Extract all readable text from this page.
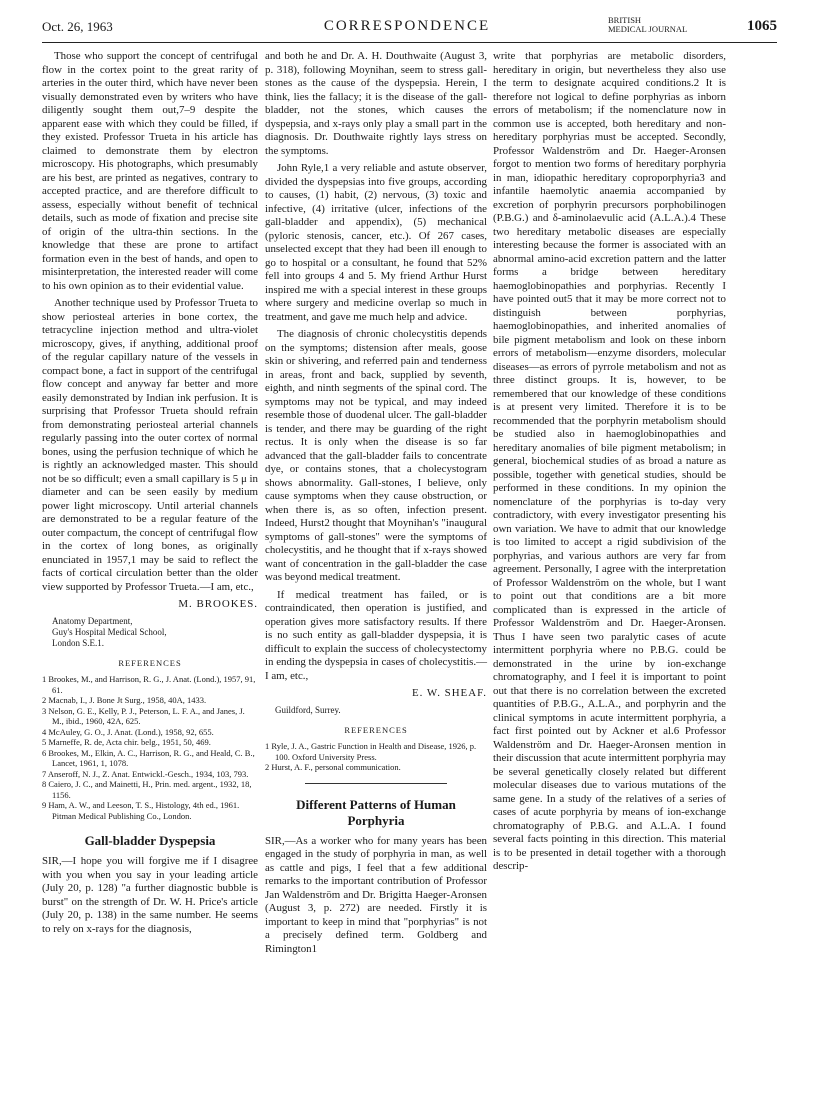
Oct. 26, 1963	CORRESPONDENCE	BRITISH
MEDICAL JOURNAL	1065

Those who support the concept of centrifugal flow in the cortex point to the great rarity of arteries in the outer third, which have never been visually demonstrated even by writers who have diligently sought them out,7–9 despite the apparent ease with which they could be filled, if they existed. Professor Trueta in his article has claimed to demonstrate them by electron microscopy. His photographs, which presumably are his best, are printed as negatives, contrary to accepted practice, and are therefore difficult to assess, especially without benefit of technical details, such as mode of fixation and precise site of origin of the ultra-thin sections. In the knowledge that these are prone to artifact formation even in the best of hands, and open to misinterpretation, the interested reader will come to his own opinion as to their evidential value.

Another technique used by Professor Trueta to show periosteal arteries in bone cortex, the tetracycline injection method and ultra-violet microscopy, gives, if anything, additional proof of the regular capillary nature of the vessels in compact bone, a fact in support of the centrifugal flow concept and anyway far better and more easily demonstrated by Indian ink perfusion. It is surprising that Professor Trueta should refrain from demonstrating periosteal arterial channels regularly passing into the outer cortex of normal bones, using the perfusion technique of which he is rightly an acknowledged master. This should not be so difficult; even a small capillary is 5 μ in diameter and can be seen easily by medium power light microscopy. Until arterial channels are demonstrated to be a regular feature of the outer compactum, the concept of centrifugal flow in the cortex of long bones, as originally enunciated in 1957,1 may be said to reflect the facts of cortical circulation better than the older view supported by Professor Trueta.—I am, etc.,

M. BROOKES.
Anatomy Department,
Guy's Hospital Medical School,
London S.E.1.
REFERENCES
1 Brookes, M., and Harrison, R. G., J. Anat. (Lond.), 1957, 91, 61.
2 Macnab, I., J. Bone Jt Surg., 1958, 40A, 1433.
3 Nelson, G. E., Kelly, P. J., Peterson, L. F. A., and Janes, J. M., ibid., 1960, 42A, 625.
4 McAuley, G. O., J. Anat. (Lond.), 1958, 92, 655.
5 Marneffe, R. de, Acta chir. belg., 1951, 50, 469.
6 Brookes, M., Elkin, A. C., Harrison, R. G., and Heald, C. B., Lancet, 1961, 1, 1078.
7 Anseroff, N. J., Z. Anat. Entwickl.-Gesch., 1934, 103, 793.
8 Caiero, J. C., and Mainetti, H., Prin. med. argent., 1932, 18, 1156.
9 Ham, A. W., and Leeson, T. S., Histology, 4th ed., 1961. Pitman Medical Publishing Co., London.
Gall-bladder Dyspepsia

SIR,—I hope you will forgive me if I disagree with you when you say in your leading article (July 20, p. 128) "a further diagnostic bubble is burst" on the strength of Dr. W. H. Price's article (July 20, p. 138) in the same number. He seems to rely on x-rays for the diagnosis,

and both he and Dr. A. H. Douthwaite (August 3, p. 318), following Moynihan, seem to stress gall-stones as the cause of the dyspepsia. Herein, I think, lies the fallacy; it is the disease of the gall-bladder, not the stones, which causes the dyspepsia, and x-rays only play a small part in the diagnosis. Dr. Douthwaite rightly lays stress on the symptoms.

John Ryle,1 a very reliable and astute observer, divided the dyspepsias into five groups, according to causes, (1) habit, (2) nervous, (3) toxic and infective, (4) irritative (ulcer, infections of the gall-bladder and appendix), (5) mechanical (pyloric stenosis, cancer, etc.). Of 267 cases, unselected except that they had been ill enough to go to hospital or a consultant, he found that 52% fell into groups 4 and 5. My friend Arthur Hurst inspired me with a special interest in these groups where surgery and medicine overlap so much in treatment, and gave me much help and advice.

The diagnosis of chronic cholecystitis depends on the symptoms; distension after meals, goose skin or shivering, and referred pain and tenderness in areas, front and back, supplied by seventh, eighth, and ninth segments of the spinal cord. The symptoms may not be typical, and may indeed resemble those of duodenal ulcer. The gall-bladder is tender, and there may be guarding of the right rectus. It is only when the disease is so far advanced that the gall-bladder fails to concentrate dye, or contains stones, that a cholecystogram shows abnormality. Gall-stones, I believe, only cause symptoms when they cause obstruction, or when there is, as so often, infection present. Indeed, Hurst2 thought that Moynihan's "inaugural symptoms of gall-stones" were the symptoms of cholecystitis, and he thought that if x-rays showed want of concentration in the gall-bladder the case was beyond medical treatment.

If medical treatment has failed, or is contraindicated, then operation is justified, and operation gives more satisfactory results. If there is no such entity as gall-bladder dyspepsia, it is difficult to explain the success of cholecystectomy in ending the dyspepsia in cases of cholecystitis.—I am, etc.,

E. W. SHEAF.
Guildford, Surrey.
REFERENCES
1 Ryle, J. A., Gastric Function in Health and Disease, 1926, p. 100. Oxford University Press.
2 Hurst, A. F., personal communication.
Different Patterns of Human
Porphyria

SIR,—As a worker who for many years has been engaged in the study of porphyria in man, as well as cattle and pigs, I feel that a few additional remarks to the important contribution of Professor Jan Waldenström and Dr. Brigitta Haeger-Aronsen (August 3, p. 272) are needed. Firstly it is important to keep in mind that "porphyrias" is not a precisely defined term. Goldberg and Rimington1

write that porphyrias are metabolic disorders, hereditary in origin, but nevertheless they also use the term to designate acquired conditions.2 It is therefore not logical to define porphyrias as inborn errors of metabolism; if the nomenclature now in common use is accepted, both hereditary and non-hereditary porphyrias must be accepted. Secondly, Professor Waldenström and Dr. Haeger-Aronsen forgot to mention two forms of hereditary porphyria in man, idiopathic hereditary coproporphyria3 and infantile haemolytic anaemia accompanied by excretion of porphyrin precursors porphobilinogen (P.B.G.) and δ-aminolaevulic acid (A.L.A.).4 These two hereditary metabolic diseases are especially interesting because the former is associated with an abnormal amino-acid excretion pattern and the latter forms a bridge between hereditary haemoglobinopathies and porphyrias. Recently I have pointed out5 that it may be more correct not to distinguish between porphyrias, haemoglobinopathies, and inherited anomalies of bile pigment metabolism and look on these inborn errors of metabolism—enzyme disorders, molecular diseases—as errors of pyrrole metabolism and not as three distinct groups. It is, however, to be remembered that our knowledge of these conditions is at present very limited. Therefore it is to be recommended that the porphyrin metabolism should be studied also in haemoglobinopathies and hereditary anomalies of bile pigment metabolism; in general, biochemical studies of as broad a nature as possible, together with genetical studies, should be performed in these conditions. In my opinion the nomenclature of the porphyrias is to-day very contradictory, with every investigator presenting his own variation. We have to admit that our knowledge is too limited to accept a rigid subdivision of the porphyrias, and various authors are very far from agreement. Personally, I agree with the interpretation of Professor Waldenström on the whole, but I want to point out that conditions are a bit more complicated than is expressed in the article of Professor Waldenström and Dr. Haeger-Aronsen. Thus I have seen two paralytic cases of acute intermittent porphyria where no P.B.G. could be demonstrated in the urine by ion-exchange chromatography, and I feel it is important to point out that there is no correlation between the excreted quantities of P.B.G., A.L.A., and porphyrin and the clinical symptoms in acute intermittent porphyria, a fact first pointed out by Ackner et al.6 Professor Waldenström and Dr. Haeger-Aronsen mention in their discussion that acute intermittent porphyria may be several genetically closely related but different molecular diseases due to various mutations of the same gene. In a study of the relatives of a series of cases of acute porphyria by means of ion-exchange chromatography of P.B.G. and A.L.A. I found several facts pointing in this direction. This material is to be presented in detail together with a thorough descrip-
